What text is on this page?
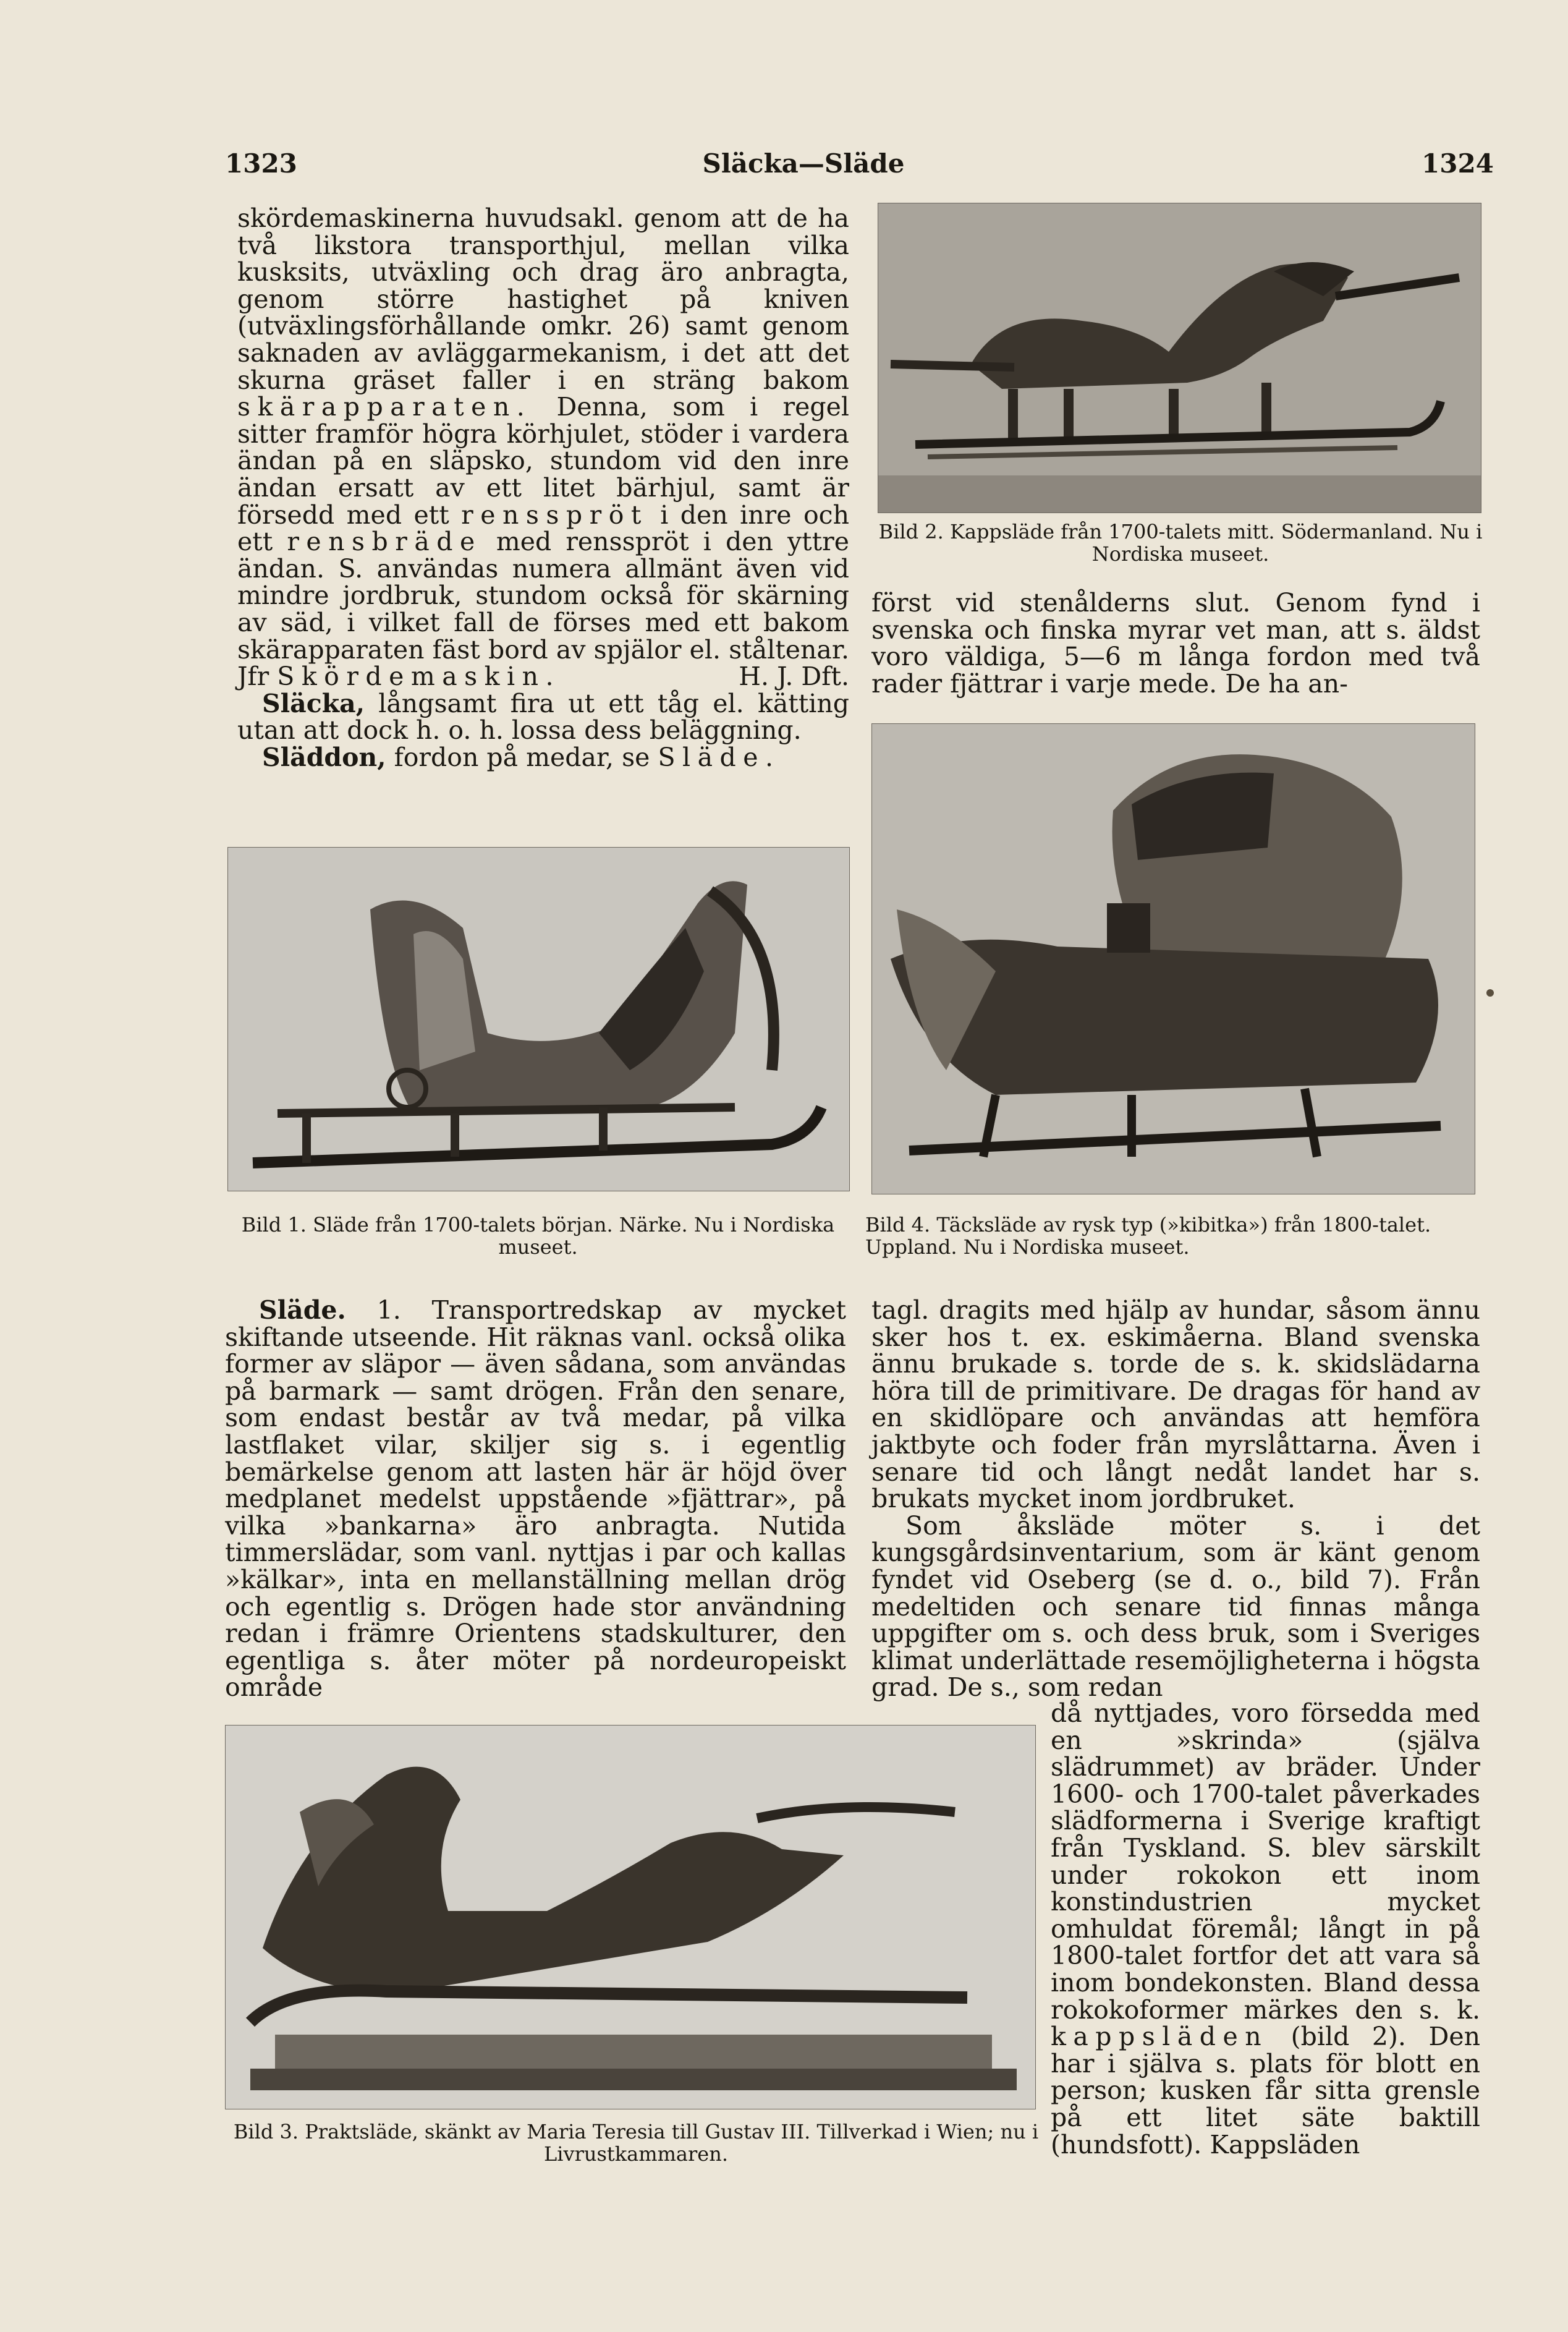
1323	Släcka—Släde	1324

skördemaskinerna huvudsakl. genom att de ha två likstora transporthjul, mellan vilka kusksits, utväxling och drag äro anbragta, genom större hastighet på kniven (utväxlingsförhållande omkr. 26) samt genom saknaden av avläggarmekanism, i det att det skurna gräset faller i en sträng bakom skärapparaten. Denna, som i regel sitter framför högra körhjulet, stöder i vardera ändan på en släpsko, stundom vid den inre ändan ersatt av ett litet bärhjul, samt är försedd med ett rensspröt i den inre och ett rensbräde med rensspröt i den yttre ändan. S. användas numera allmänt även vid mindre jordbruk, stundom också för skärning av säd, i vilket fall de förses med ett bakom skärapparaten fäst bord av spjälor el. ståltenar. Jfr Skördemaskin.	H. J. Dft.

Släcka, långsamt fira ut ett tåg el. kätting utan att dock h. o. h. lossa dess beläggning.

Släddon, fordon på medar, se Släde.

Bild 2. Kappsläde från 1700-talets mitt. Södermanland. Nu i Nordiska museet.

först vid stenålderns slut. Genom fynd i svenska och finska myrar vet man, att s. äldst voro väldiga, 5—6 m långa fordon med två rader fjättrar i varje mede. De ha an-

Bild 1. Släde från 1700-talets början. Närke. Nu i Nordiska museet.
Bild 4. Täcksläde av rysk typ (»kibitka») från 1800-talet. Uppland. Nu i Nordiska museet.

Släde. 1. Transportredskap av mycket skiftande utseende. Hit räknas vanl. också olika former av släpor — även sådana, som användas på barmark — samt drögen. Från den senare, som endast består av två medar, på vilka lastflaket vilar, skiljer sig s. i egentlig bemärkelse genom att lasten här är höjd över medplanet medelst uppstående »fjättrar», på vilka »bankarna» äro anbragta. Nutida timmerslädar, som vanl. nyttjas i par och kallas »kälkar», inta en mellanställning mellan drög och egentlig s. Drögen hade stor användning redan i främre Orientens stadskulturer, den egentliga s. åter möter på nordeuropeiskt område

tagl. dragits med hjälp av hundar, såsom ännu sker hos t. ex. eskimåerna. Bland svenska ännu brukade s. torde de s. k. skidslädarna höra till de primitivare. De dragas för hand av en skidlöpare och användas att hemföra jaktbyte och foder från myrslåttarna. Även i senare tid och långt nedåt landet har s. brukats mycket inom jordbruket.

Som åksläde möter s. i det kungsgårdsinventarium, som är känt genom fyndet vid Oseberg (se d. o., bild 7). Från medeltiden och senare tid finnas många uppgifter om s. och dess bruk, som i Sveriges klimat underlättade resemöjligheterna i högsta grad. De s., som redan

då nyttjades, voro försedda med en »skrinda» (själva slädrummet) av bräder. Under 1600- och 1700-talet påverkades slädformerna i Sverige kraftigt från Tyskland. S. blev särskilt under rokokon ett inom konstindustrien mycket omhuldat föremål; långt in på 1800-talet fortfor det att vara så inom bondekonsten. Bland dessa rokokoformer märkes den s. k. kappsläden (bild 2). Den har i själva s. plats för blott en person; kusken får sitta grensle på ett litet säte baktill (hundsfott). Kappsläden

Bild 3. Praktsläde, skänkt av Maria Teresia till Gustav III. Tillverkad i Wien; nu i Livrustkammaren.
